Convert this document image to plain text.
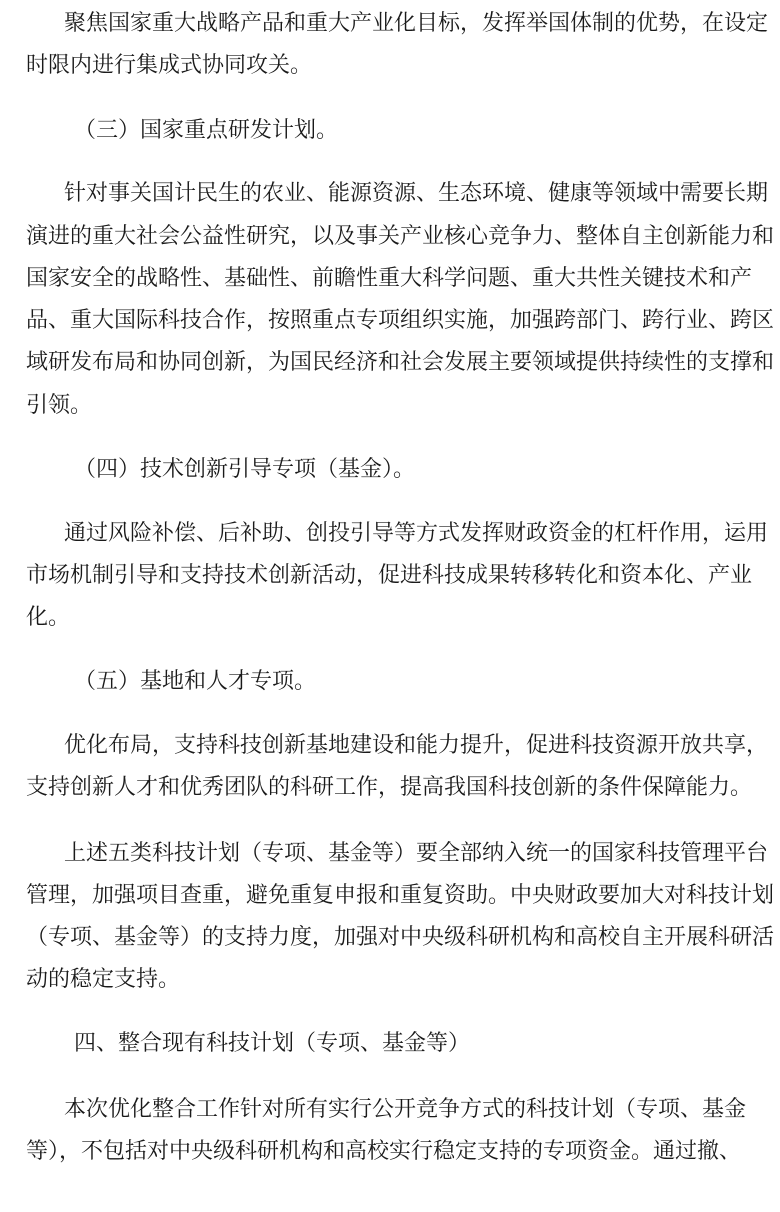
聚焦国家重大战略产品和重大产业化目标，发挥举国体制的优势，在设定
时限内进行集成式协同攻关。
（三）国家重点研发计划。
针对事关国计民生的农业、能源资源、生态环境、健康等领域中需要长期
演进的重大社会公益性研究，以及事关产业核心竞争力、整体自主创新能力和
国家安全的战略性、基础性、前瞻性重大科学问题、重大共性关键技术和产
品、重大国际科技合作，按照重点专项组织实施，加强跨部门、跨行业、跨区
域研发布局和协同创新，为国民经济和社会发展主要领域提供持续性的支撑和
引领。
（四）技术创新引导专项（基金）。
通过风险补偿、后补助、创投引导等方式发挥财政资金的杠杆作用，运用
市场机制引导和支持技术创新活动，促进科技成果转移转化和资本化、产业
化。
（五）基地和人才专项。
优化布局，支持科技创新基地建设和能力提升，促进科技资源开放共享，
支持创新人才和优秀团队的科研工作，提高我国科技创新的条件保障能力。
上述五类科技计划（专项、基金等）要全部纳入统一的国家科技管理平台
管理，加强项目查重，避免重复申报和重复资助。中央财政要加大对科技计划
（专项、基金等）的支持力度，加强对中央级科研机构和高校自主开展科研活
动的稳定支持。
四、整合现有科技计划（专项、基金等）
本次优化整合工作针对所有实行公开竞争方式的科技计划（专项、基金
等），不包括对中央级科研机构和高校实行稳定支持的专项资金。通过撤、
